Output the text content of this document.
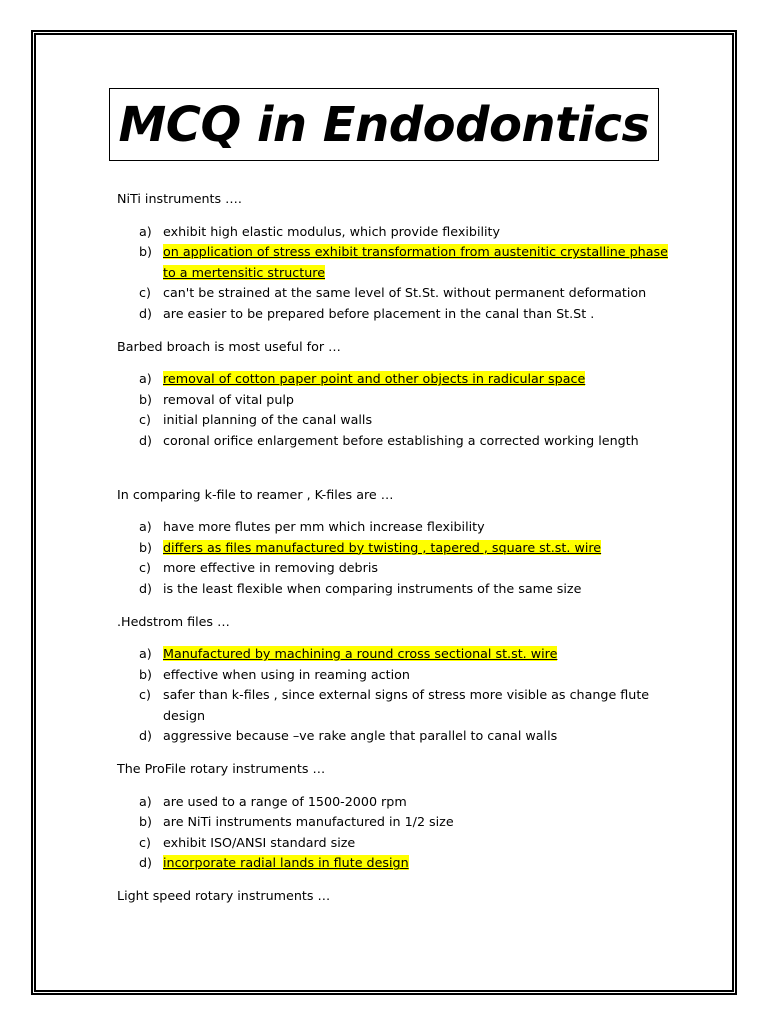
MCQ in Endodontics

NiTi instruments ….

a) exhibit high elastic modulus, which provide flexibility
b) on application of stress exhibit transformation from austenitic crystalline phase to a mertensitic structure
c) can't be strained at the same level of St.St. without permanent deformation
d) are easier to be prepared before placement in the canal than St.St .

Barbed broach is most useful for …

a) removal of cotton paper point and other objects in radicular space
b) removal of vital pulp
c) initial planning of the canal walls
d) coronal orifice enlargement before establishing a corrected working length

In comparing k-file to reamer , K-files are …

a) have more flutes per mm which increase flexibility
b) differs as files manufactured by twisting , tapered , square st.st. wire
c) more effective in removing debris
d) is the least flexible when comparing instruments of the same size

.Hedstrom files …

a) Manufactured by machining a round cross sectional st.st. wire
b) effective when using in reaming action
c) safer than k-files , since external signs of stress more visible as change flute design
d) aggressive because –ve rake angle that parallel to canal walls

The ProFile rotary instruments …

a) are used to a range of 1500-2000 rpm
b) are NiTi instruments manufactured in 1/2 size
c) exhibit ISO/ANSI standard size
d) incorporate radial lands in flute design

Light speed rotary instruments …
